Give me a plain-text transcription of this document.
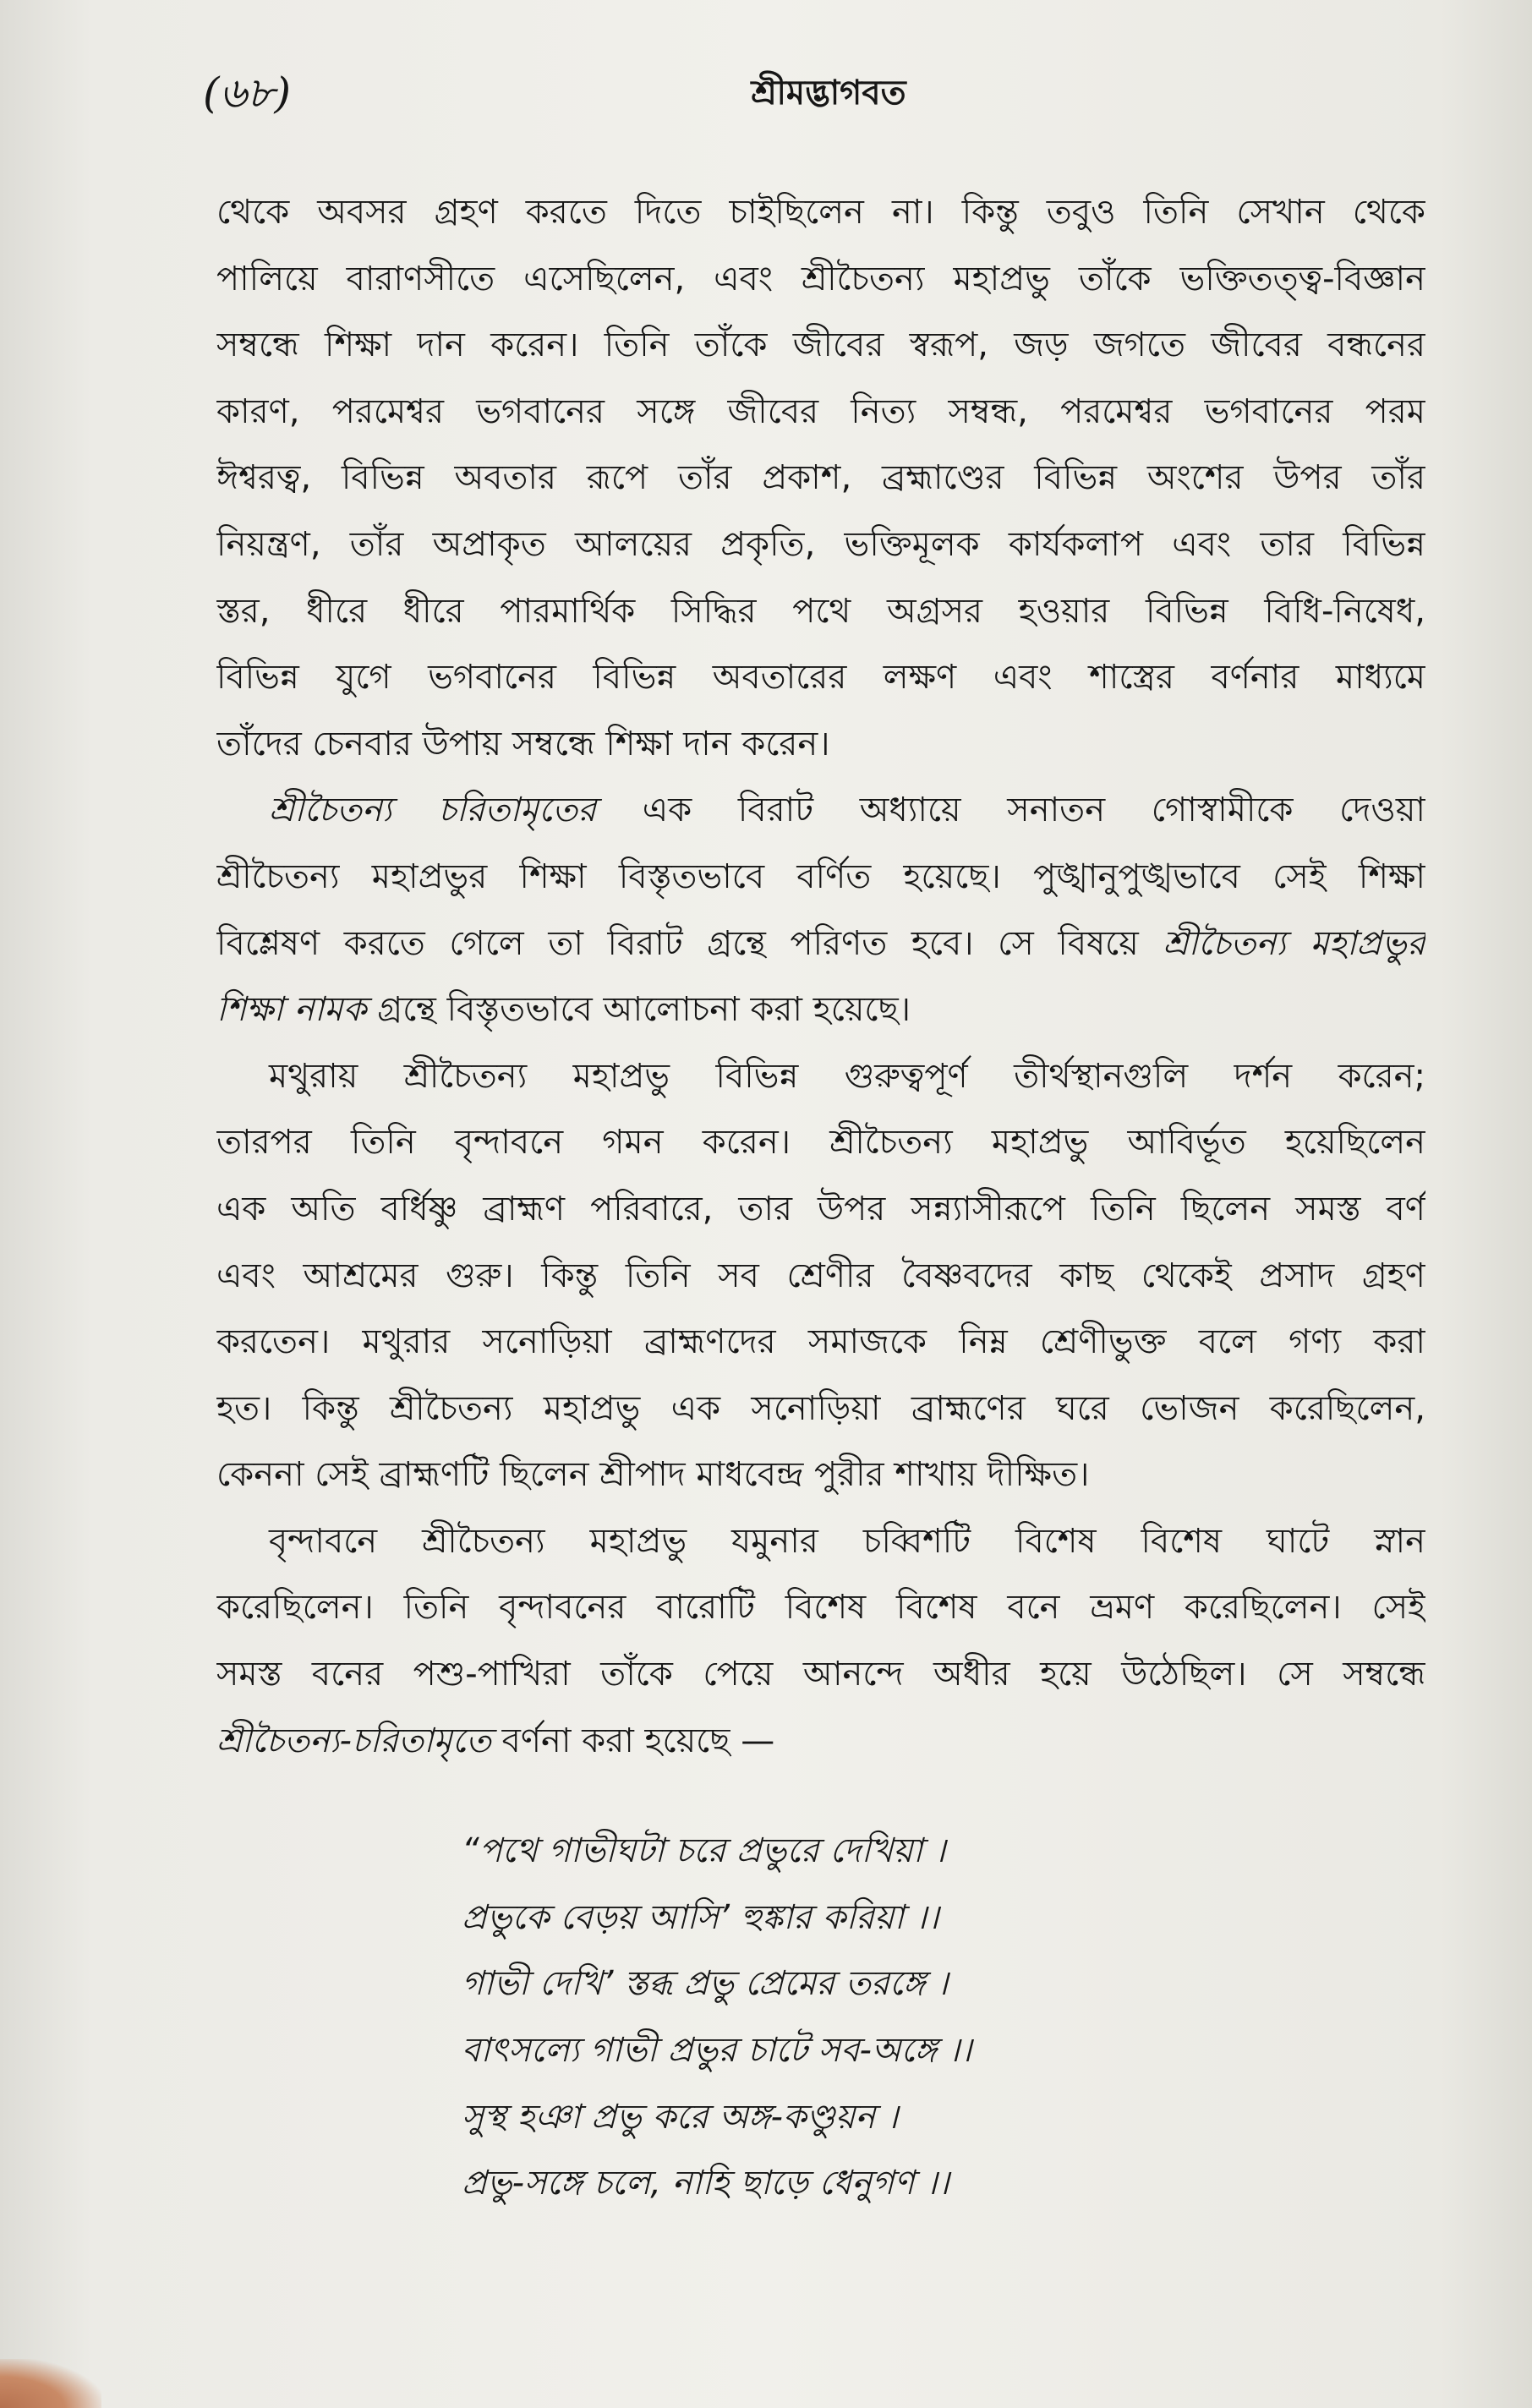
(৬৮)	শ্রীমদ্ভাগবত
থেকে অবসর গ্রহণ করতে দিতে চাইছিলেন না। কিন্তু তবুও তিনি সেখান থেকে
পালিয়ে বারাণসীতে এসেছিলেন, এবং শ্রীচৈতন্য মহাপ্রভু তাঁকে ভক্তিতত্ত্ব-বিজ্ঞান
সম্বন্ধে শিক্ষা দান করেন। তিনি তাঁকে জীবের স্বরূপ, জড় জগতে জীবের বন্ধনের
কারণ, পরমেশ্বর ভগবানের সঙ্গে জীবের নিত্য সম্বন্ধ, পরমেশ্বর ভগবানের পরম
ঈশ্বরত্ব, বিভিন্ন অবতার রূপে তাঁর প্রকাশ, ব্রহ্মাণ্ডের বিভিন্ন অংশের উপর তাঁর
নিয়ন্ত্রণ, তাঁর অপ্রাকৃত আলয়ের প্রকৃতি, ভক্তিমূলক কার্যকলাপ এবং তার বিভিন্ন
স্তর, ধীরে ধীরে পারমার্থিক সিদ্ধির পথে অগ্রসর হওয়ার বিভিন্ন বিধি-নিষেধ,
বিভিন্ন যুগে ভগবানের বিভিন্ন অবতারের লক্ষণ এবং শাস্ত্রের বর্ণনার মাধ্যমে
তাঁদের চেনবার উপায় সম্বন্ধে শিক্ষা দান করেন।
শ্রীচৈতন্য চরিতামৃতের এক বিরাট অধ্যায়ে সনাতন গোস্বামীকে দেওয়া
শ্রীচৈতন্য মহাপ্রভুর শিক্ষা বিস্তৃতভাবে বর্ণিত হয়েছে। পুঙ্খানুপুঙ্খভাবে সেই শিক্ষা
বিশ্লেষণ করতে গেলে তা বিরাট গ্রন্থে পরিণত হবে। সে বিষয়ে শ্রীচৈতন্য মহাপ্রভুর
শিক্ষা নামক গ্রন্থে বিস্তৃতভাবে আলোচনা করা হয়েছে।
মথুরায় শ্রীচৈতন্য মহাপ্রভু বিভিন্ন গুরুত্বপূর্ণ তীর্থস্থানগুলি দর্শন করেন;
তারপর তিনি বৃন্দাবনে গমন করেন। শ্রীচৈতন্য মহাপ্রভু আবির্ভূত হয়েছিলেন
এক অতি বর্ধিষ্ণু ব্রাহ্মণ পরিবারে, তার উপর সন্ন্যাসীরূপে তিনি ছিলেন সমস্ত বর্ণ
এবং আশ্রমের গুরু। কিন্তু তিনি সব শ্রেণীর বৈষ্ণবদের কাছ থেকেই প্রসাদ গ্রহণ
করতেন। মথুরার সনোড়িয়া ব্রাহ্মণদের সমাজকে নিম্ন শ্রেণীভুক্ত বলে গণ্য করা
হত। কিন্তু শ্রীচৈতন্য মহাপ্রভু এক সনোড়িয়া ব্রাহ্মণের ঘরে ভোজন করেছিলেন,
কেননা সেই ব্রাহ্মণটি ছিলেন শ্রীপাদ মাধবেন্দ্র পুরীর শাখায় দীক্ষিত।
বৃন্দাবনে শ্রীচৈতন্য মহাপ্রভু যমুনার চব্বিশটি বিশেষ বিশেষ ঘাটে স্নান
করেছিলেন। তিনি বৃন্দাবনের বারোটি বিশেষ বিশেষ বনে ভ্রমণ করেছিলেন। সেই
সমস্ত বনের পশু-পাখিরা তাঁকে পেয়ে আনন্দে অধীর হয়ে উঠেছিল। সে সম্বন্ধে
শ্রীচৈতন্য-চরিতামৃতে বর্ণনা করা হয়েছে —
“পথে গাভীঘটা চরে প্রভুরে দেখিয়া ।
প্রভুকে বেড়য় আসি’ হুঙ্কার করিয়া ।।
গাভী দেখি’ স্তব্ধ প্রভু প্রেমের তরঙ্গে ।
বাৎসল্যে গাভী প্রভুর চাটে সব-অঙ্গে ।।
সুস্থ হঞা প্রভু করে অঙ্গ-কণ্ডুয়ন ।
প্রভু-সঙ্গে চলে, নাহি ছাড়ে ধেনুগণ ।।
